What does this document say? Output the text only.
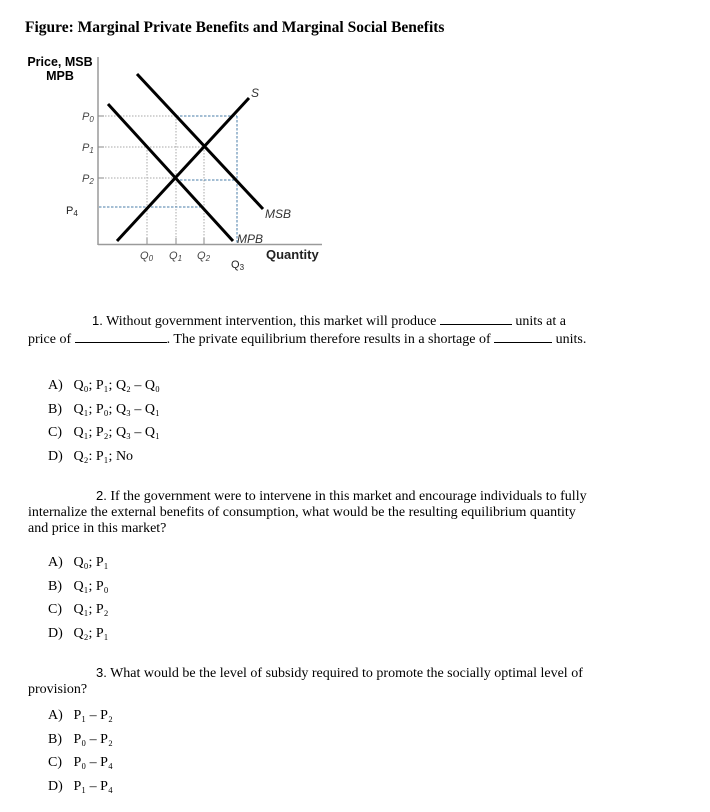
Figure: Marginal Private Benefits and Marginal Social Benefits
Price, MSB
MPB
P0
P1
P2
P4
Q0 Q1 Q2
Q3
S
MSB
MPB
Quantity
1. Without government intervention, this market will produce	units at a price of	. The private equilibrium therefore results in a shortage of	units.
A) Q₀; P₁; Q₂ – Q₀
B) Q₁; P₀; Q₃ – Q₁
C) Q₁; P₂; Q₃ – Q₁
D) Q₂: P₁; No
2. If the government were to intervene in this market and encourage individuals to fully internalize the external benefits of consumption, what would be the resulting equilibrium quantity and price in this market?
A) Q₀; P₁
B) Q₁; P₀
C) Q₁; P₂
D) Q₂; P₁
3. What would be the level of subsidy required to promote the socially optimal level of provision?
A) P₁ – P₂
B) P₀ – P₂
C) P₀ – P₄
D) P₁ – P₄
